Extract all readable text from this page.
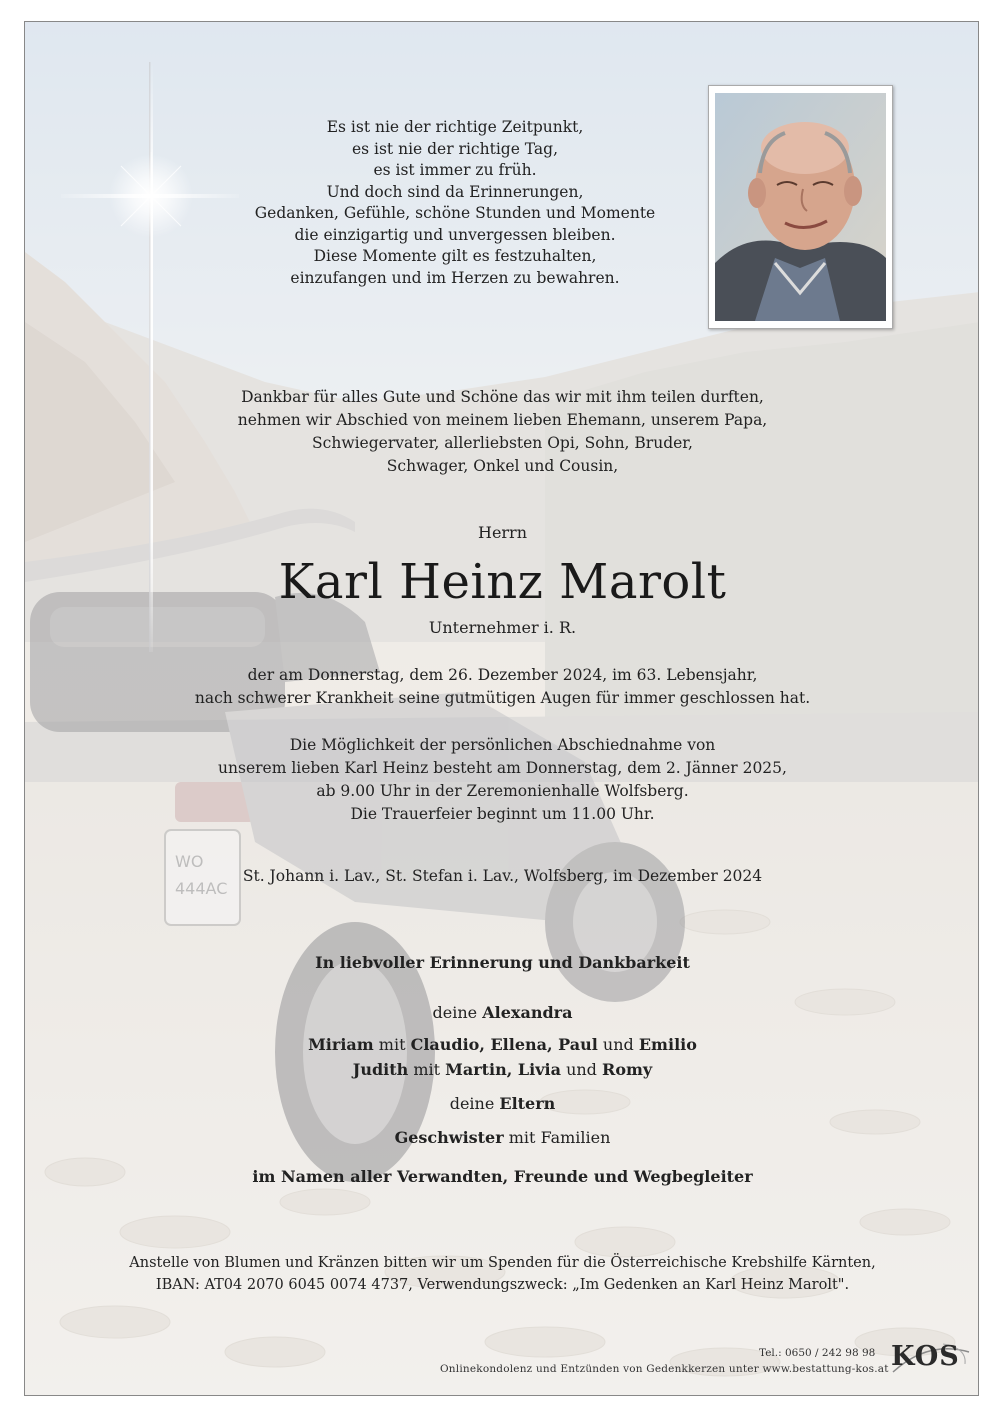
WO
444AC
Es ist nie der richtige Zeitpunkt,
es ist nie der richtige Tag,
es ist immer zu früh.
Und doch sind da Erinnerungen,
Gedanken, Gefühle, schöne Stunden und Momente
die einzigartig und unvergessen bleiben.
Diese Momente gilt es festzuhalten,
einzufangen und im Herzen zu bewahren.
Dankbar für alles Gute und Schöne das wir mit ihm teilen durften,
nehmen wir Abschied von meinem lieben Ehemann, unserem Papa,
Schwiegervater, allerliebsten Opi, Sohn, Bruder,
Schwager, Onkel und Cousin,
Herrn
Karl Heinz Marolt
Unternehmer i. R.
der am Donnerstag, dem 26. Dezember 2024, im 63. Lebensjahr,
nach schwerer Krankheit seine gutmütigen Augen für immer geschlossen hat.
Die Möglichkeit der persönlichen Abschiednahme von
unserem lieben Karl Heinz besteht am Donnerstag, dem 2. Jänner 2025,
ab 9.00 Uhr in der Zeremonienhalle Wolfsberg.
Die Trauerfeier beginnt um 11.00 Uhr.
St. Johann i. Lav., St. Stefan i. Lav., Wolfsberg, im Dezember 2024
In liebvoller Erinnerung und Dankbarkeit
deine Alexandra
Miriam mit Claudio, Ellena, Paul und Emilio
Judith mit Martin, Livia und Romy
deine Eltern
Geschwister mit Familien
im Namen aller Verwandten, Freunde und Wegbegleiter
Anstelle von Blumen und Kränzen bitten wir um Spenden für die Österreichische Krebshilfe Kärnten,
IBAN: AT04 2070 6045 0074 4737, Verwendungszweck: „Im Gedenken an Karl Heinz Marolt".
Tel.: 0650 / 242 98 98
Onlinekondolenz und Entzünden von Gedenkkerzen unter www.bestattung-kos.at KOS
